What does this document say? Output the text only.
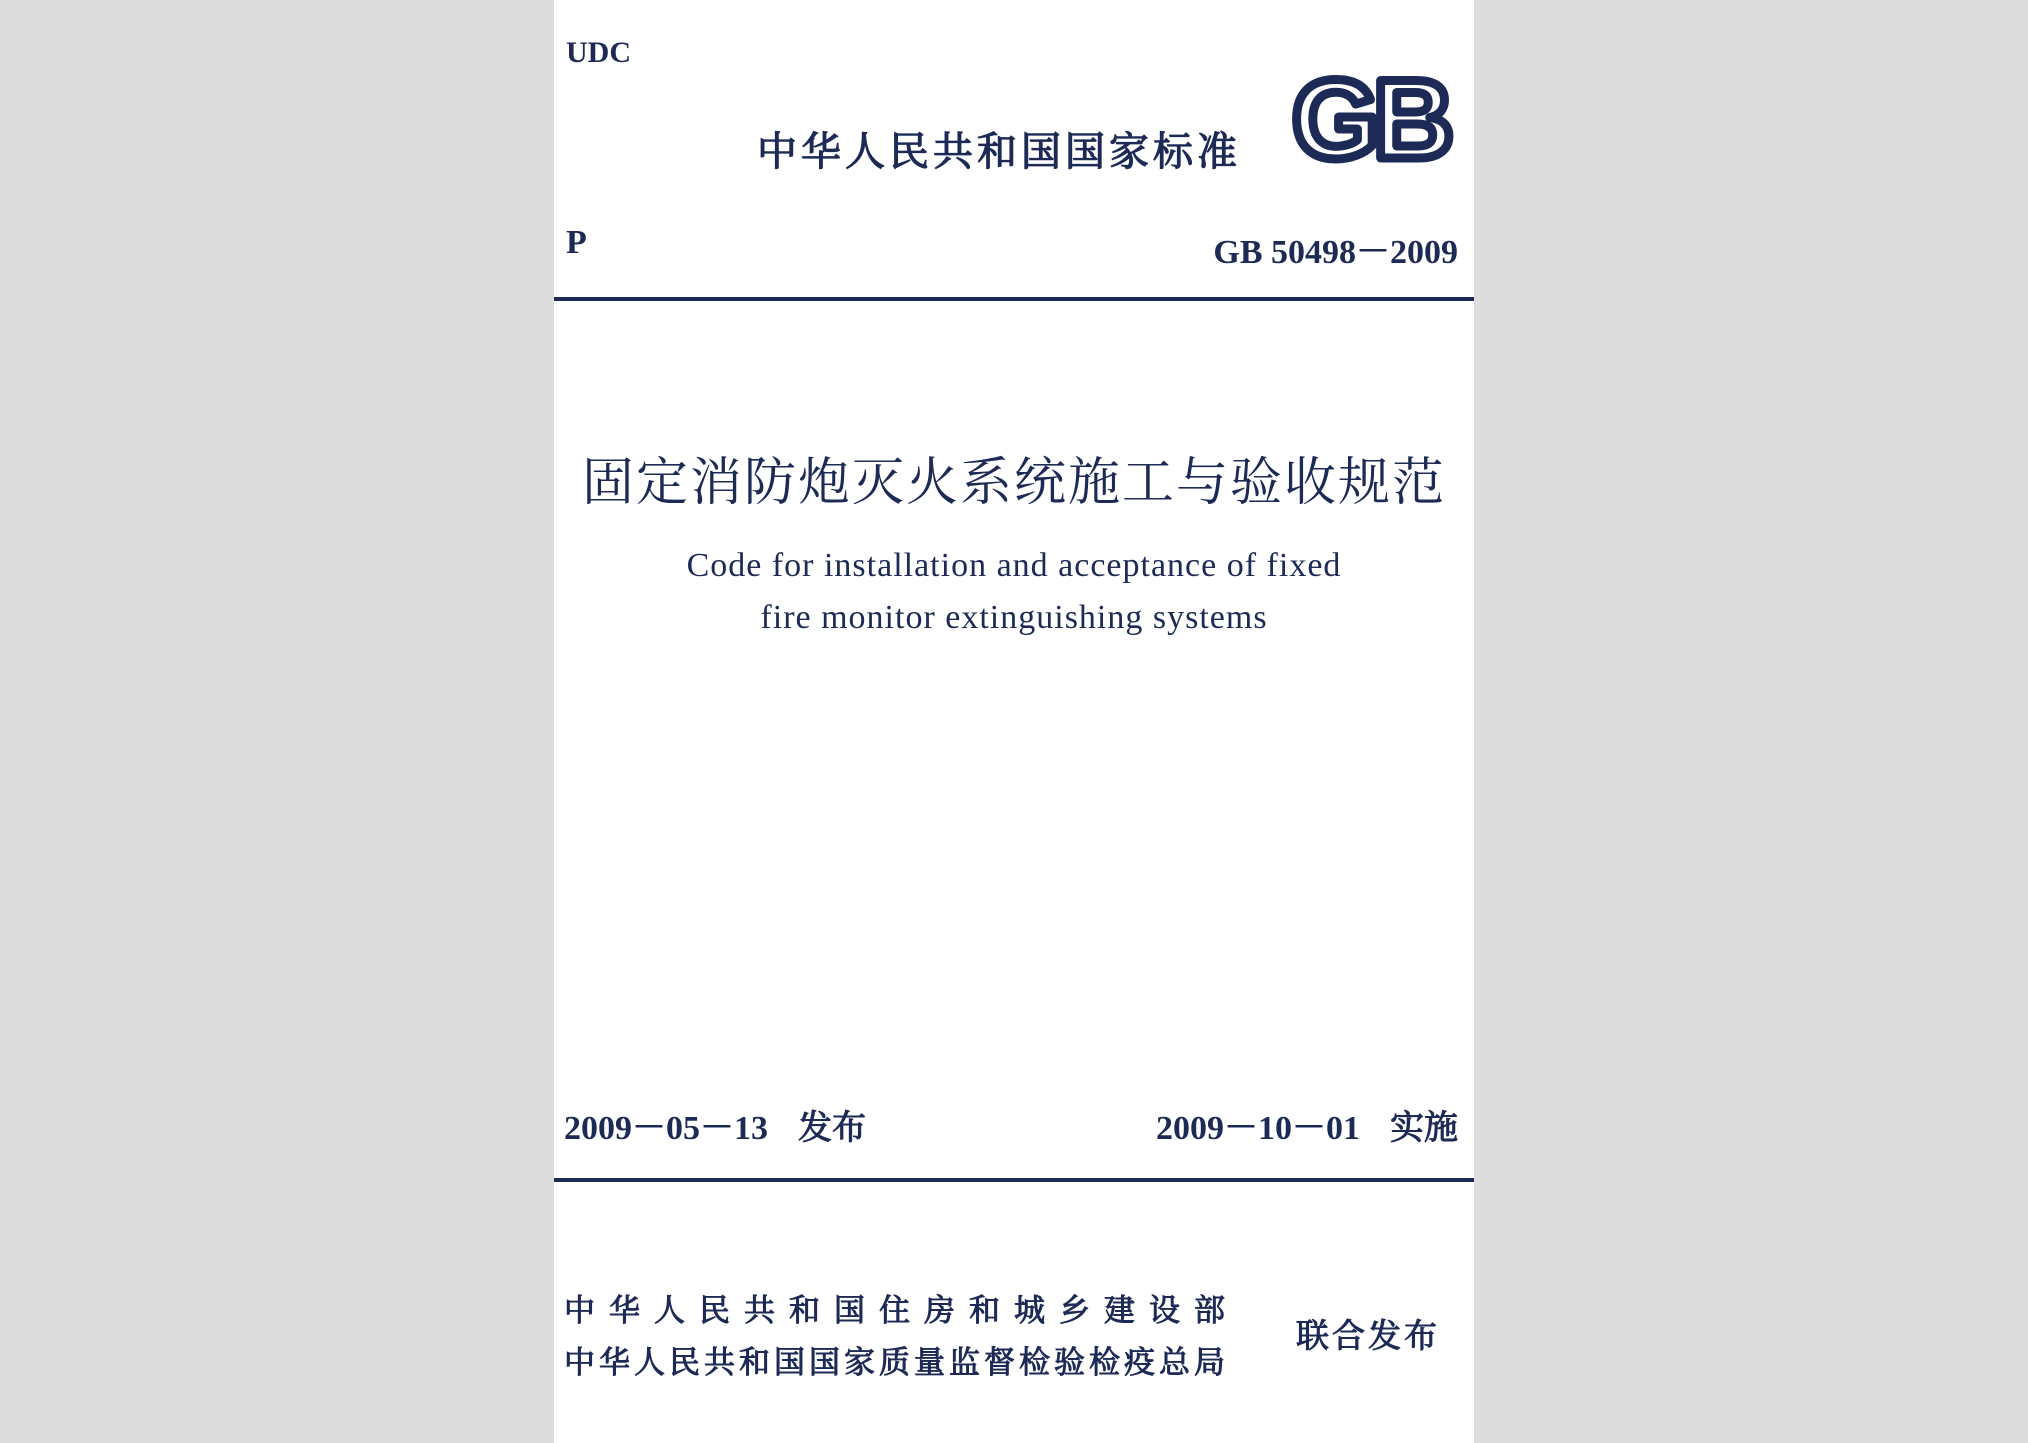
UDC
中华人民共和国国家标准 GB
P	GB 50498－2009
固定消防炮灭火系统施工与验收规范
Code for installation and acceptance of fixed
fire monitor extinguishing systems
2009－05－13 发布	2009－10－01 实施
中华人民共和国住房和城乡建设部
中华人民共和国国家质量监督检验检疫总局
联合发布
